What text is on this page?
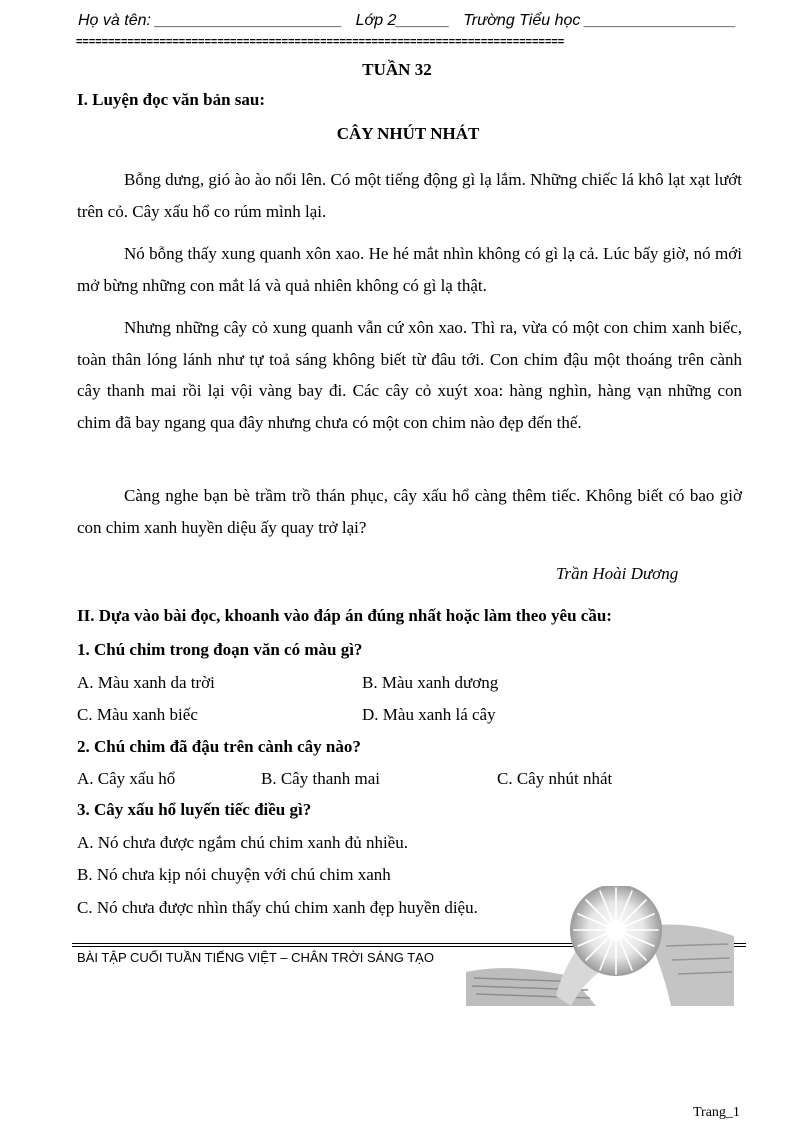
Họ và tên: _____________________ Lớp 2______ Trường Tiểu học _________________
============================================================================
TUẦN 32
I. Luyện đọc văn bản sau:
CÂY NHÚT NHÁT

Bỗng dưng, gió ào ào nổi lên. Có một tiếng động gì lạ lắm. Những chiếc lá khô lạt xạt lướt trên cỏ. Cây xấu hổ co rúm mình lại.

Nó bỗng thấy xung quanh xôn xao. He hé mắt nhìn không có gì lạ cả. Lúc bấy giờ, nó mới mở bừng những con mắt lá và quả nhiên không có gì lạ thật.

Nhưng những cây cỏ xung quanh vẫn cứ xôn xao. Thì ra, vừa có một con chim xanh biếc, toàn thân lóng lánh như tự toả sáng không biết từ đâu tới. Con chim đậu một thoáng trên cành cây thanh mai rồi lại vội vàng bay đi. Các cây cỏ xuýt xoa: hàng nghìn, hàng vạn những con chim đã bay ngang qua đây nhưng chưa có một con chim nào đẹp đến thế.

Càng nghe bạn bè trầm trồ thán phục, cây xấu hổ càng thêm tiếc. Không biết có bao giờ con chim xanh huyền diệu ấy quay trở lại?

Trần Hoài Dương
II. Dựa vào bài đọc, khoanh vào đáp án đúng nhất hoặc làm theo yêu cầu:
1. Chú chim trong đoạn văn có màu gì?
A. Màu xanh da trời	B. Màu xanh dương
C. Màu xanh biếc	D. Màu xanh lá cây
2. Chú chim đã đậu trên cành cây nào?
A. Cây xấu hổ	B. Cây thanh mai	C. Cây nhút nhát
3. Cây xấu hổ luyến tiếc điều gì?
A. Nó chưa được ngắm chú chim xanh đủ nhiều.
B. Nó chưa kịp nói chuyện với chú chim xanh
C. Nó chưa được nhìn thấy chú chim xanh đẹp huyền diệu.
BÀI TẬP CUỐI TUẦN TIẾNG VIỆT – CHÂN TRỜI SÁNG TẠO
Trang_1
